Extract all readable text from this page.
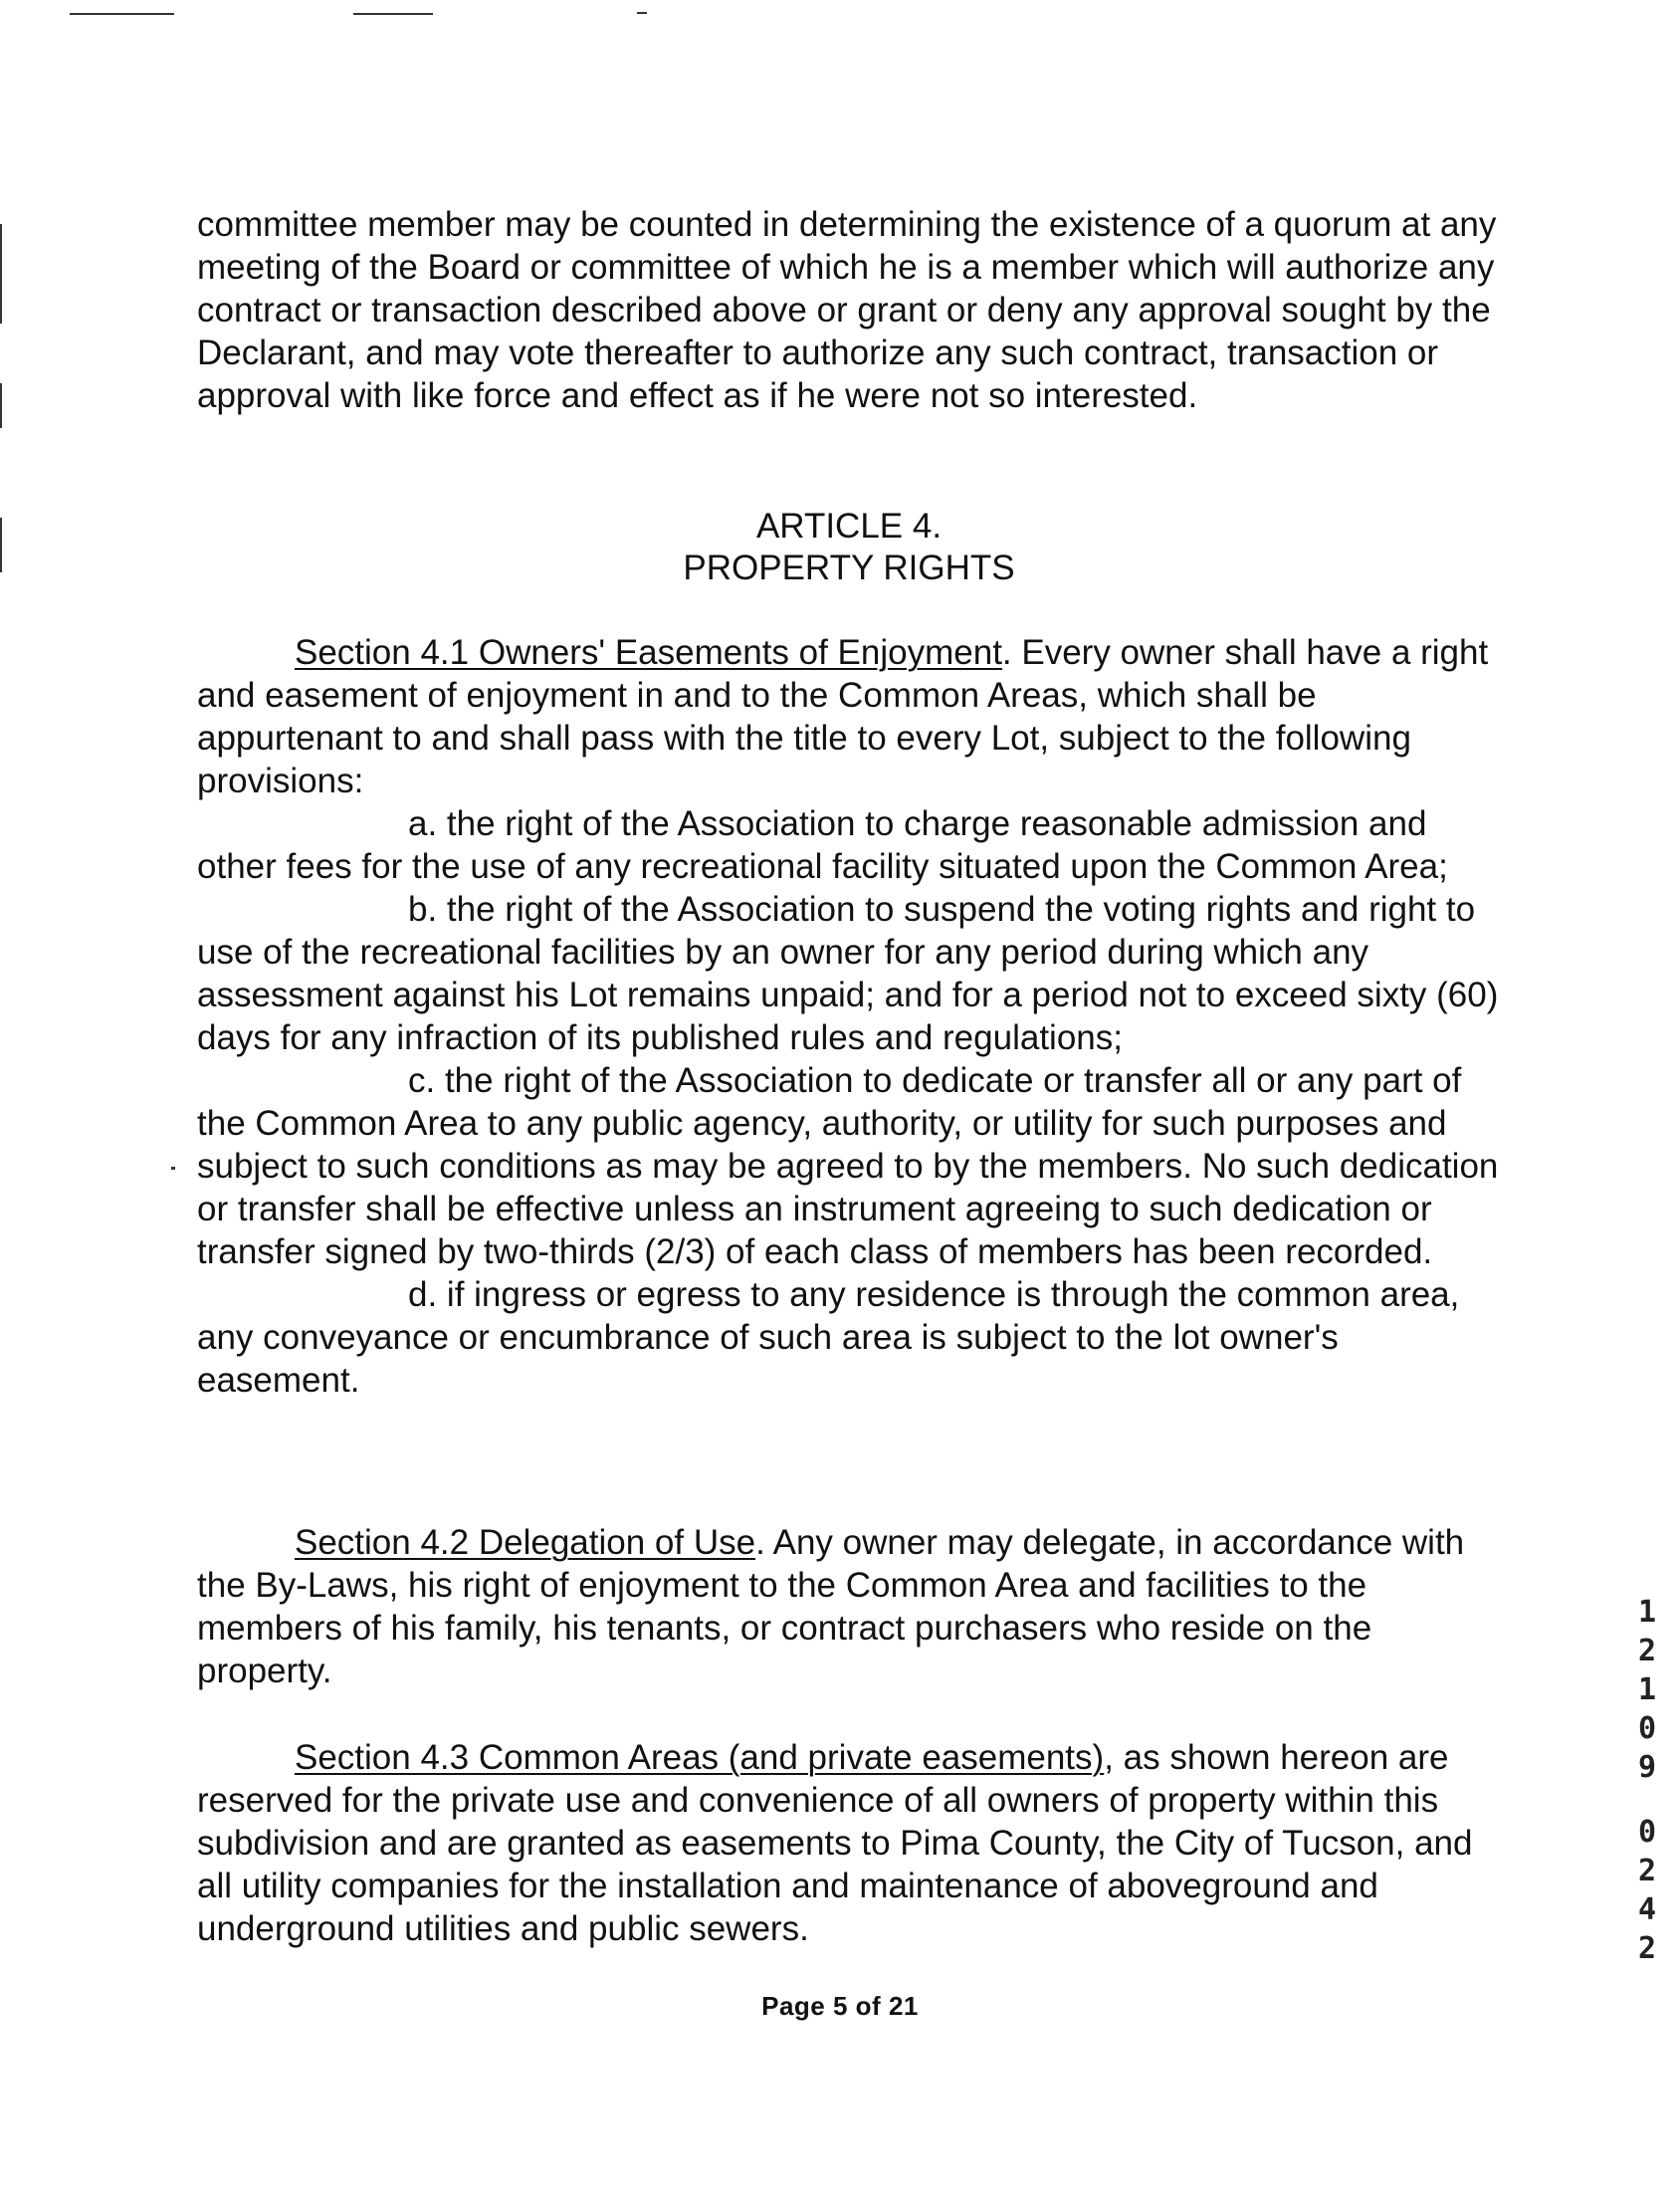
committee member may be counted in determining the existence of a quorum at any meeting of the Board or committee of which he is a member which will authorize any contract or transaction described above or grant or deny any approval sought by the Declarant, and may vote thereafter to authorize any such contract, transaction or approval with like force and effect as if he were not so interested.

ARTICLE 4.
PROPERTY RIGHTS

Section 4.1 Owners' Easements of Enjoyment. Every owner shall have a right and easement of enjoyment in and to the Common Areas, which shall be appurtenant to and shall pass with the title to every Lot, subject to the following provisions:

a. the right of the Association to charge reasonable admission and other fees for the use of any recreational facility situated upon the Common Area;

b. the right of the Association to suspend the voting rights and right to use of the recreational facilities by an owner for any period during which any assessment against his Lot remains unpaid; and for a period not to exceed sixty (60) days for any infraction of its published rules and regulations;

c. the right of the Association to dedicate or transfer all or any part of the Common Area to any public agency, authority, or utility for such purposes and subject to such conditions as may be agreed to by the members. No such dedication or transfer shall be effective unless an instrument agreeing to such dedication or transfer signed by two-thirds (2/3) of each class of members has been recorded.

d. if ingress or egress to any residence is through the common area, any conveyance or encumbrance of such area is subject to the lot owner's easement.

Section 4.2 Delegation of Use. Any owner may delegate, in accordance with the By-Laws, his right of enjoyment to the Common Area and facilities to the members of his family, his tenants, or contract purchasers who reside on the property.

Section 4.3 Common Areas (and private easements), as shown hereon are reserved for the private use and convenience of all owners of property within this subdivision and are granted as easements to Pima County, the City of Tucson, and all utility companies for the installation and maintenance of aboveground and underground utilities and public sewers.

Page 5 of 21
1
2
1
0
9
0
2
4
2
